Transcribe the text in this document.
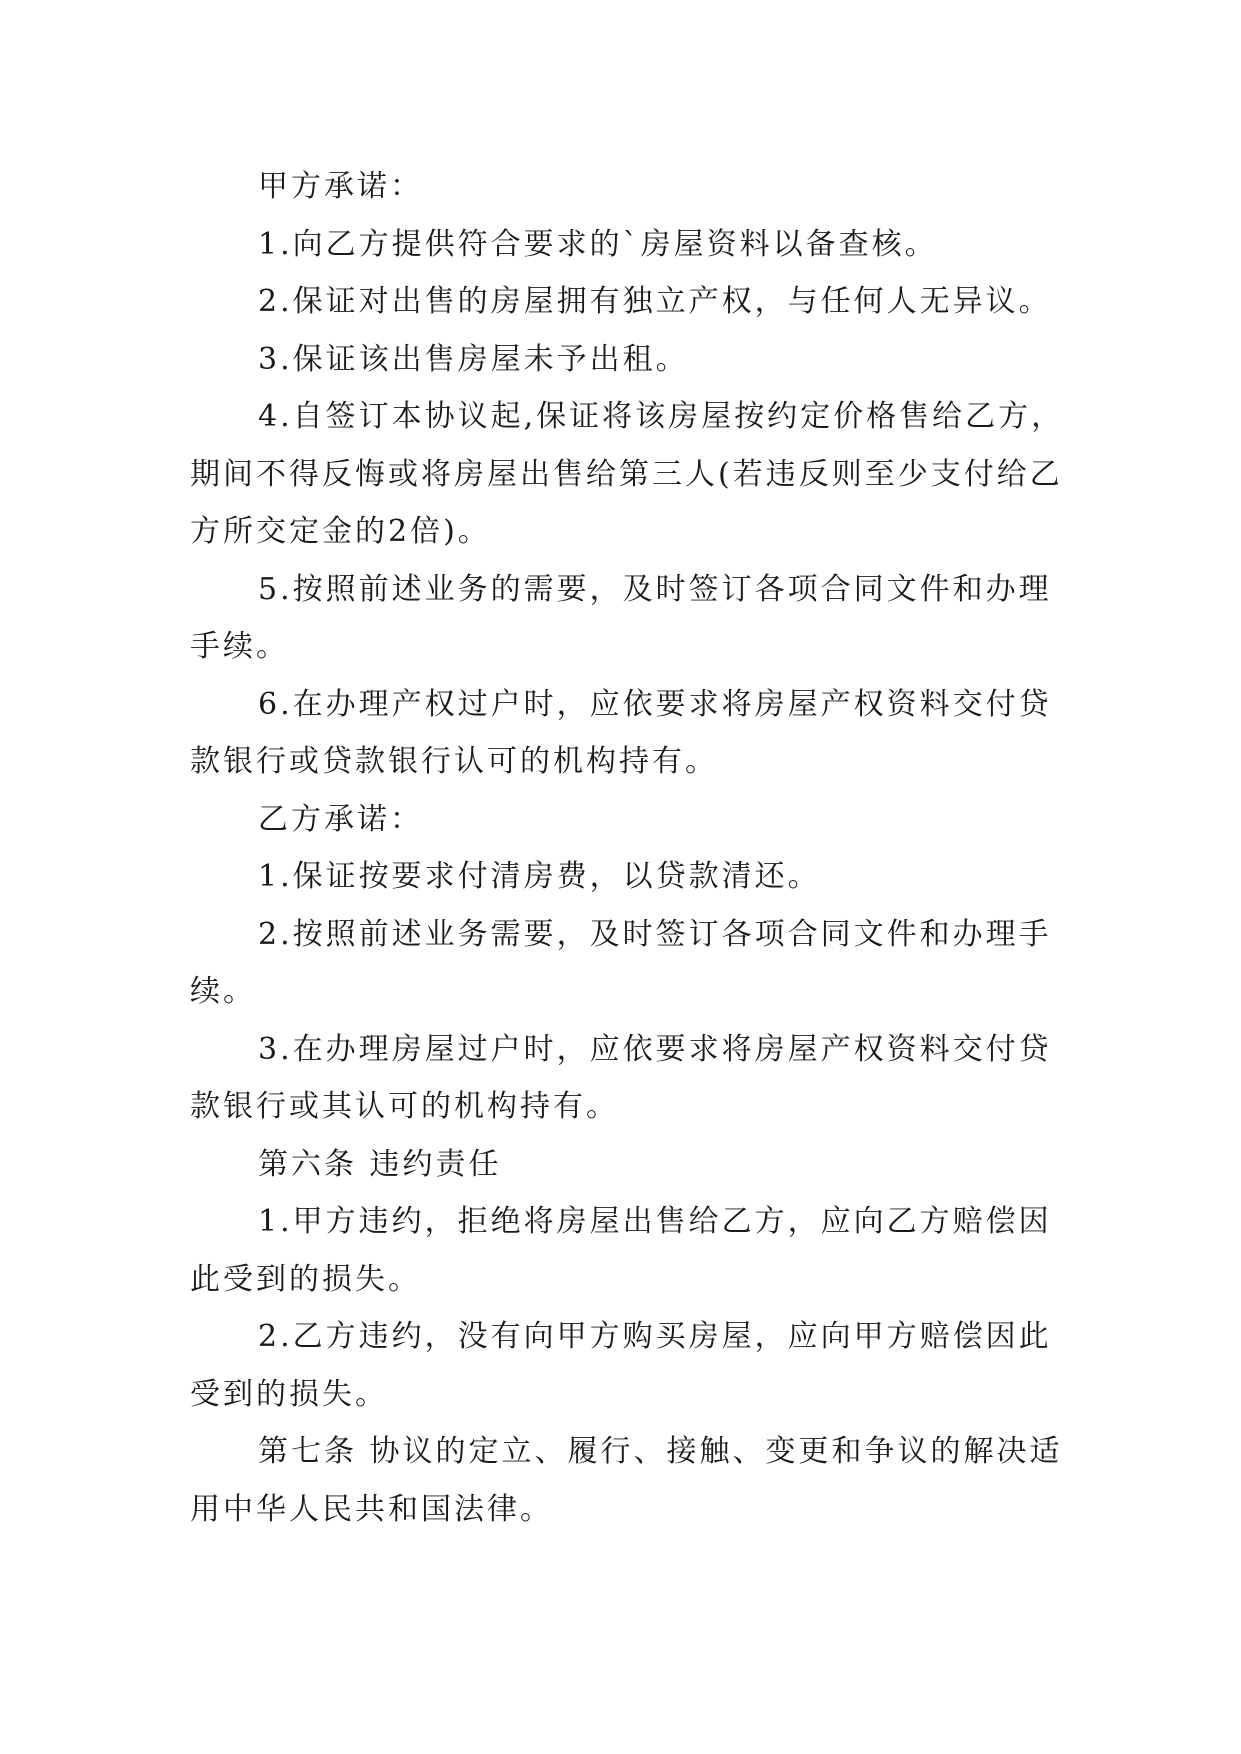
甲方承诺：

1.向乙方提供符合要求的`房屋资料以备查核。

2.保证对出售的房屋拥有独立产权，与任何人无异议。

3.保证该出售房屋未予出租。

4.自签订本协议起,保证将该房屋按约定价格售给乙方，期间不得反悔或将房屋出售给第三人(若违反则至少支付给乙方所交定金的2倍)。

5.按照前述业务的需要，及时签订各项合同文件和办理手续。

6.在办理产权过户时，应依要求将房屋产权资料交付贷款银行或贷款银行认可的机构持有。

乙方承诺：

1.保证按要求付清房费，以贷款清还。

2.按照前述业务需要，及时签订各项合同文件和办理手续。

3.在办理房屋过户时，应依要求将房屋产权资料交付贷款银行或其认可的机构持有。

第六条 违约责任

1.甲方违约，拒绝将房屋出售给乙方，应向乙方赔偿因此受到的损失。

2.乙方违约，没有向甲方购买房屋，应向甲方赔偿因此受到的损失。

第七条 协议的定立、履行、接触、变更和争议的解决适用中华人民共和国法律。
